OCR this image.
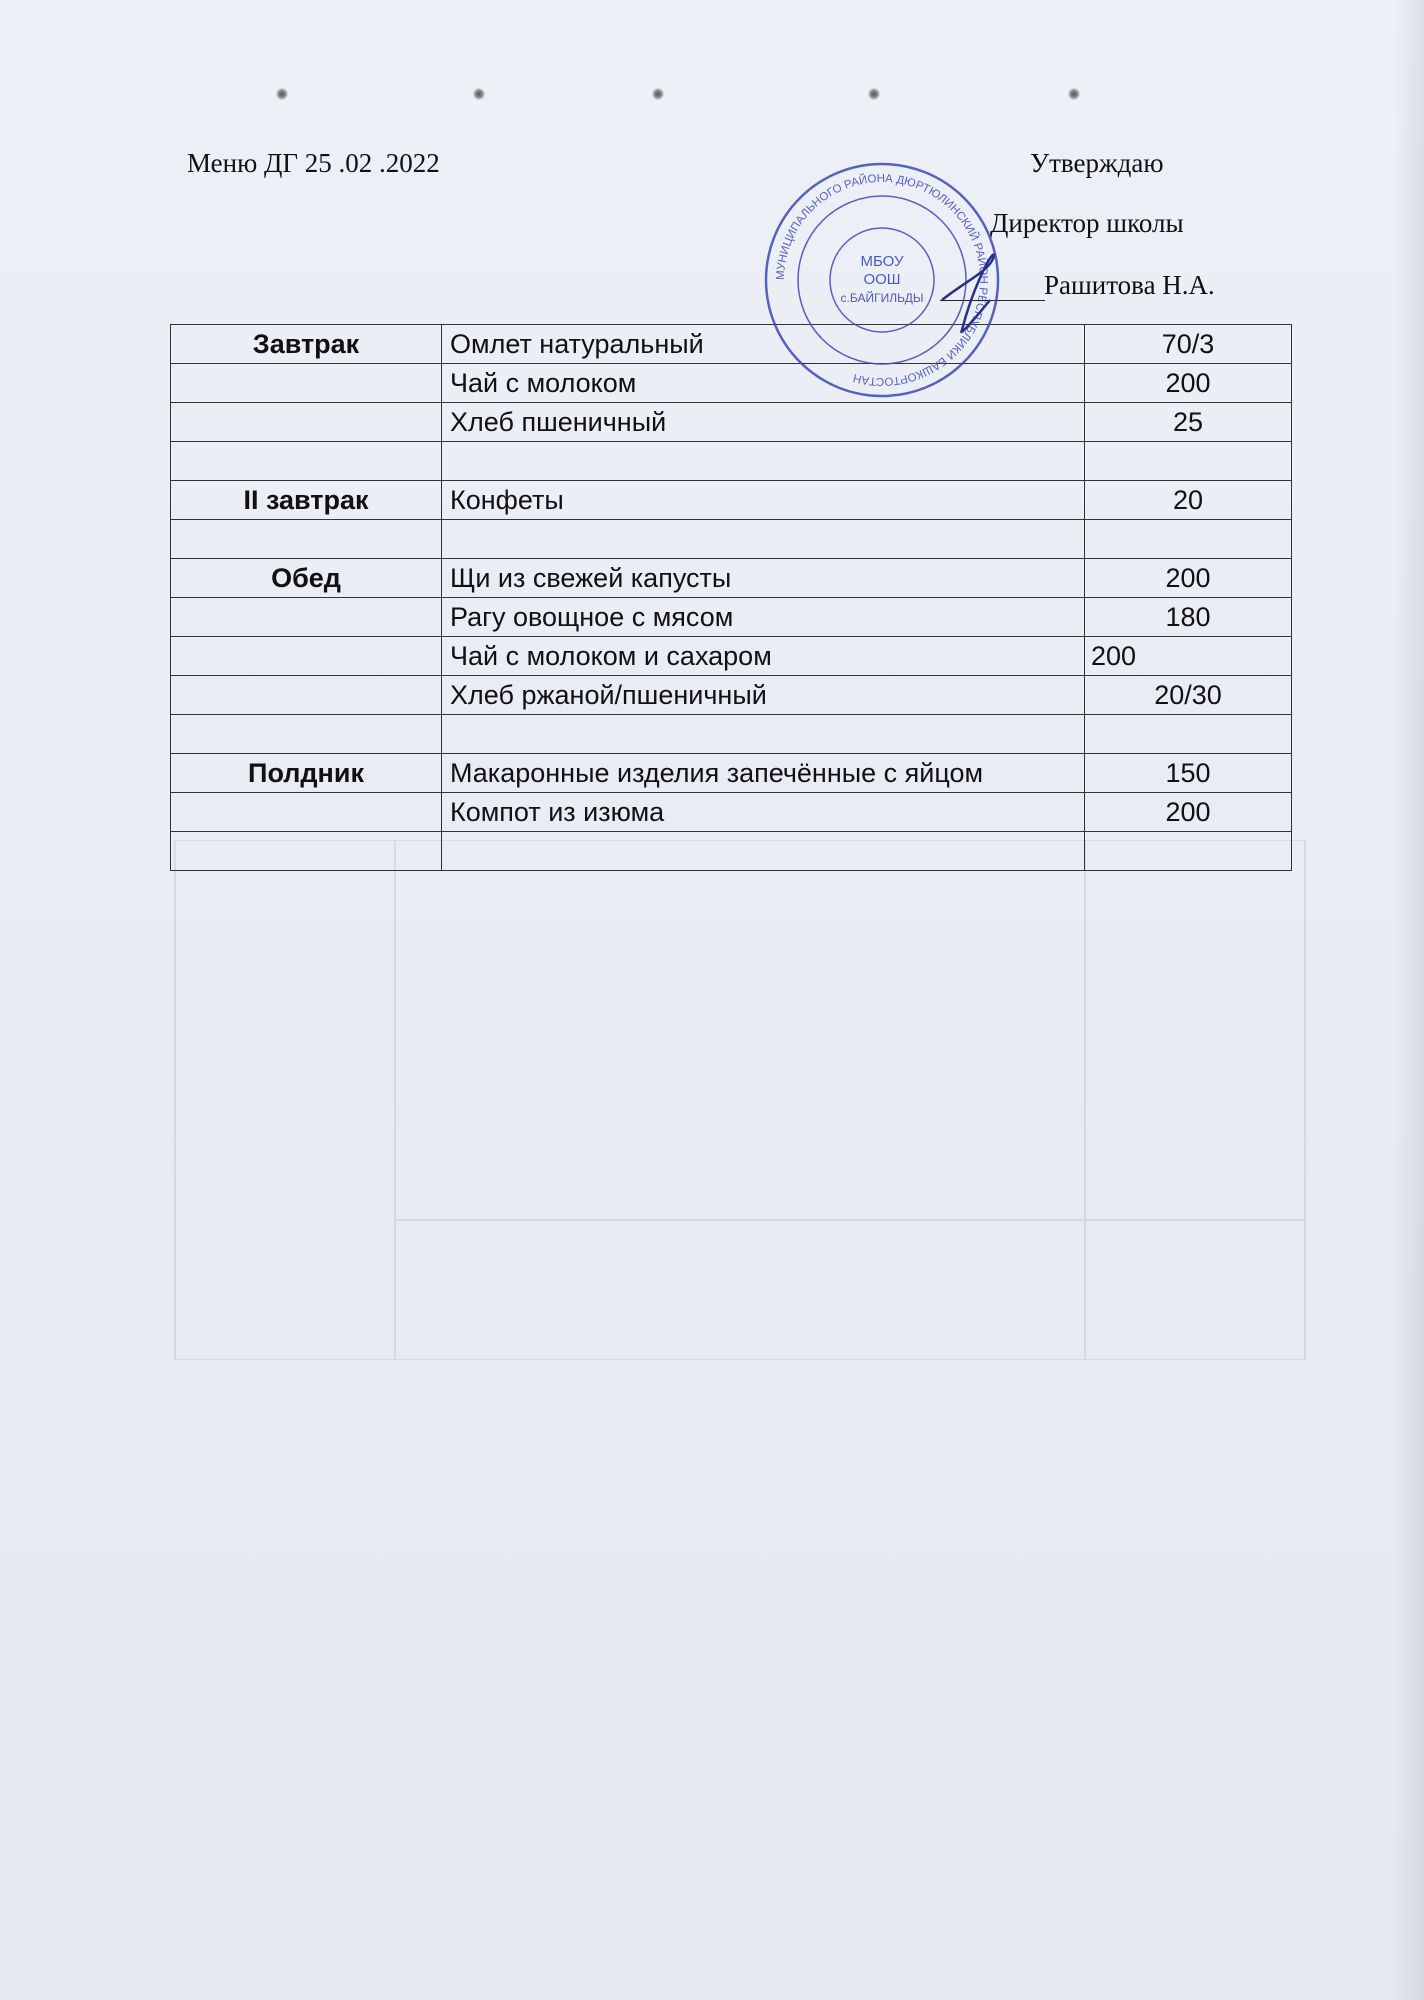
Меню ДГ 25 .02 .2022	Утверждаю
Директор школы
Рашитова Н.А.
Завтрак	Омлет натуральный	70/3
	Чай с молоком	200
	Хлеб пшеничный	25

II завтрак	Конфеты	20

Обед	Щи из свежей капусты	200
	Рагу овощное с мясом	180
	Чай с молоком и сахаром	200
	Хлеб ржаной/пшеничный	20/30

Полдник	Макаронные изделия запечённые с яйцом	150
	Компот из изюма	200

МУНИЦИПАЛЬНОГО РАЙОНА ДЮРТЮЛИНСКИЙ РАЙОН РЕСПУБЛИКИ БАШКОРТОСТАН
МБОУ
ООШ
с.БАЙГИЛЬДЫ
